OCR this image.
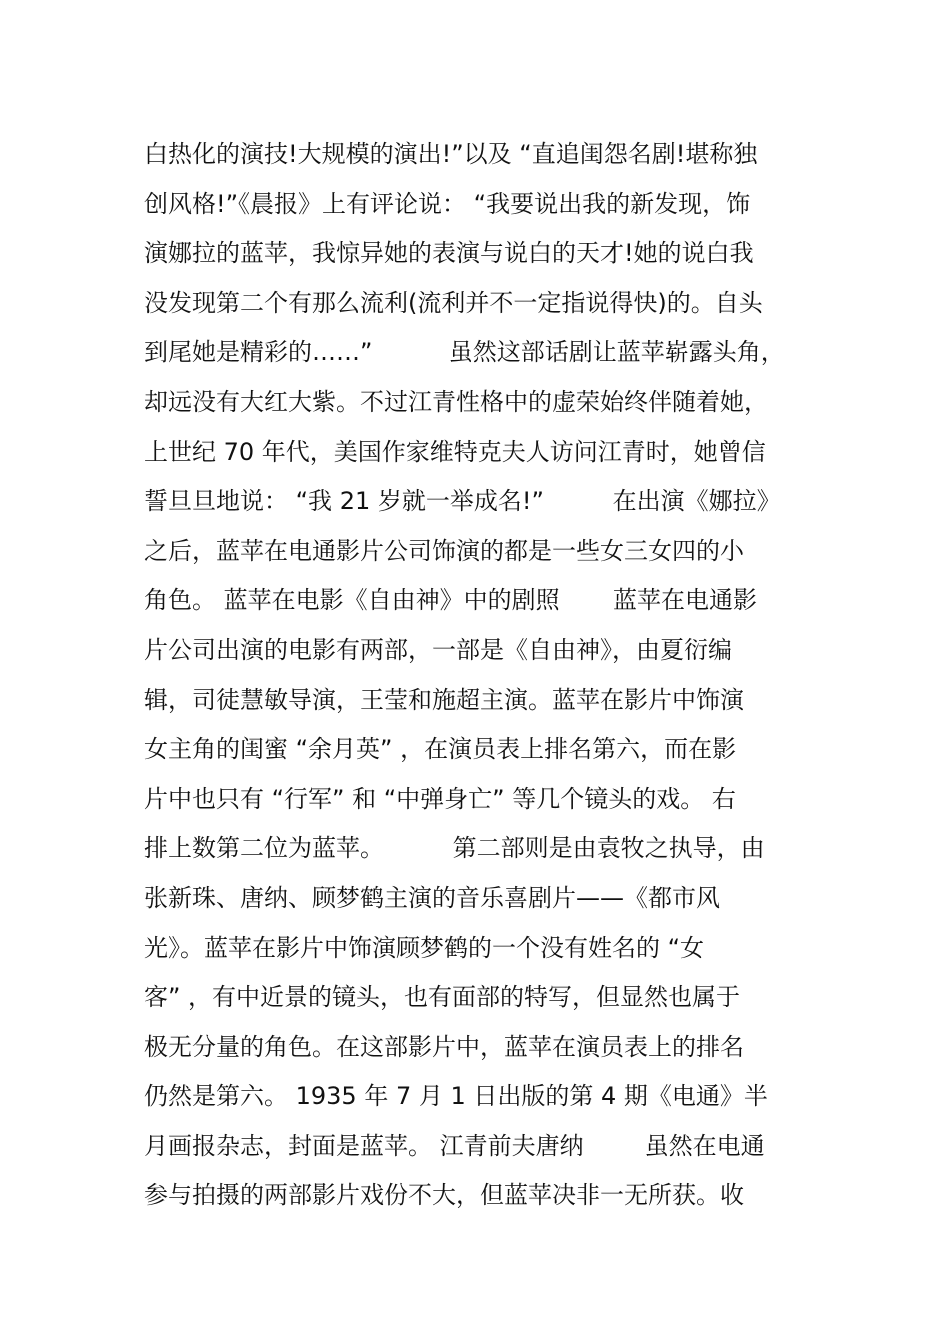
白热化的演技!大规模的演出!”以及 “直追闺怨名剧!堪称独
创风格!”《晨报》上有评论说： “我要说出我的新发现，饰
演娜拉的蓝苹，我惊异她的表演与说白的天才!她的说白我
没发现第二个有那么流利(流利并不一定指说得快)的。自头
到尾她是精彩的……”          虽然这部话剧让蓝苹崭露头角，
却远没有大红大紫。不过江青性格中的虚荣始终伴随着她，
上世纪 70 年代，美国作家维特克夫人访问江青时，她曾信
誓旦旦地说： “我 21 岁就一举成名!”         在出演《娜拉》
之后，蓝苹在电通影片公司饰演的都是一些女三女四的小
角色。 蓝苹在电影《自由神》中的剧照       蓝苹在电通影
片公司出演的电影有两部，一部是《自由神》，由夏衍编
辑，司徒慧敏导演，王莹和施超主演。蓝苹在影片中饰演
女主角的闺蜜 “余月英” ，在演员表上排名第六，而在影
片中也只有 “行军” 和 “中弹身亡” 等几个镜头的戏。 右
排上数第二位为蓝苹。         第二部则是由袁牧之执导，由
张新珠、唐纳、顾梦鹤主演的音乐喜剧片——《都市风
光》。蓝苹在影片中饰演顾梦鹤的一个没有姓名的 “女
客” ，有中近景的镜头，也有面部的特写，但显然也属于
极无分量的角色。在这部影片中，蓝苹在演员表上的排名
仍然是第六。 1935 年 7 月 1 日出版的第 4 期《电通》半
月画报杂志，封面是蓝苹。 江青前夫唐纳        虽然在电通
参与拍摄的两部影片戏份不大，但蓝苹决非一无所获。收
